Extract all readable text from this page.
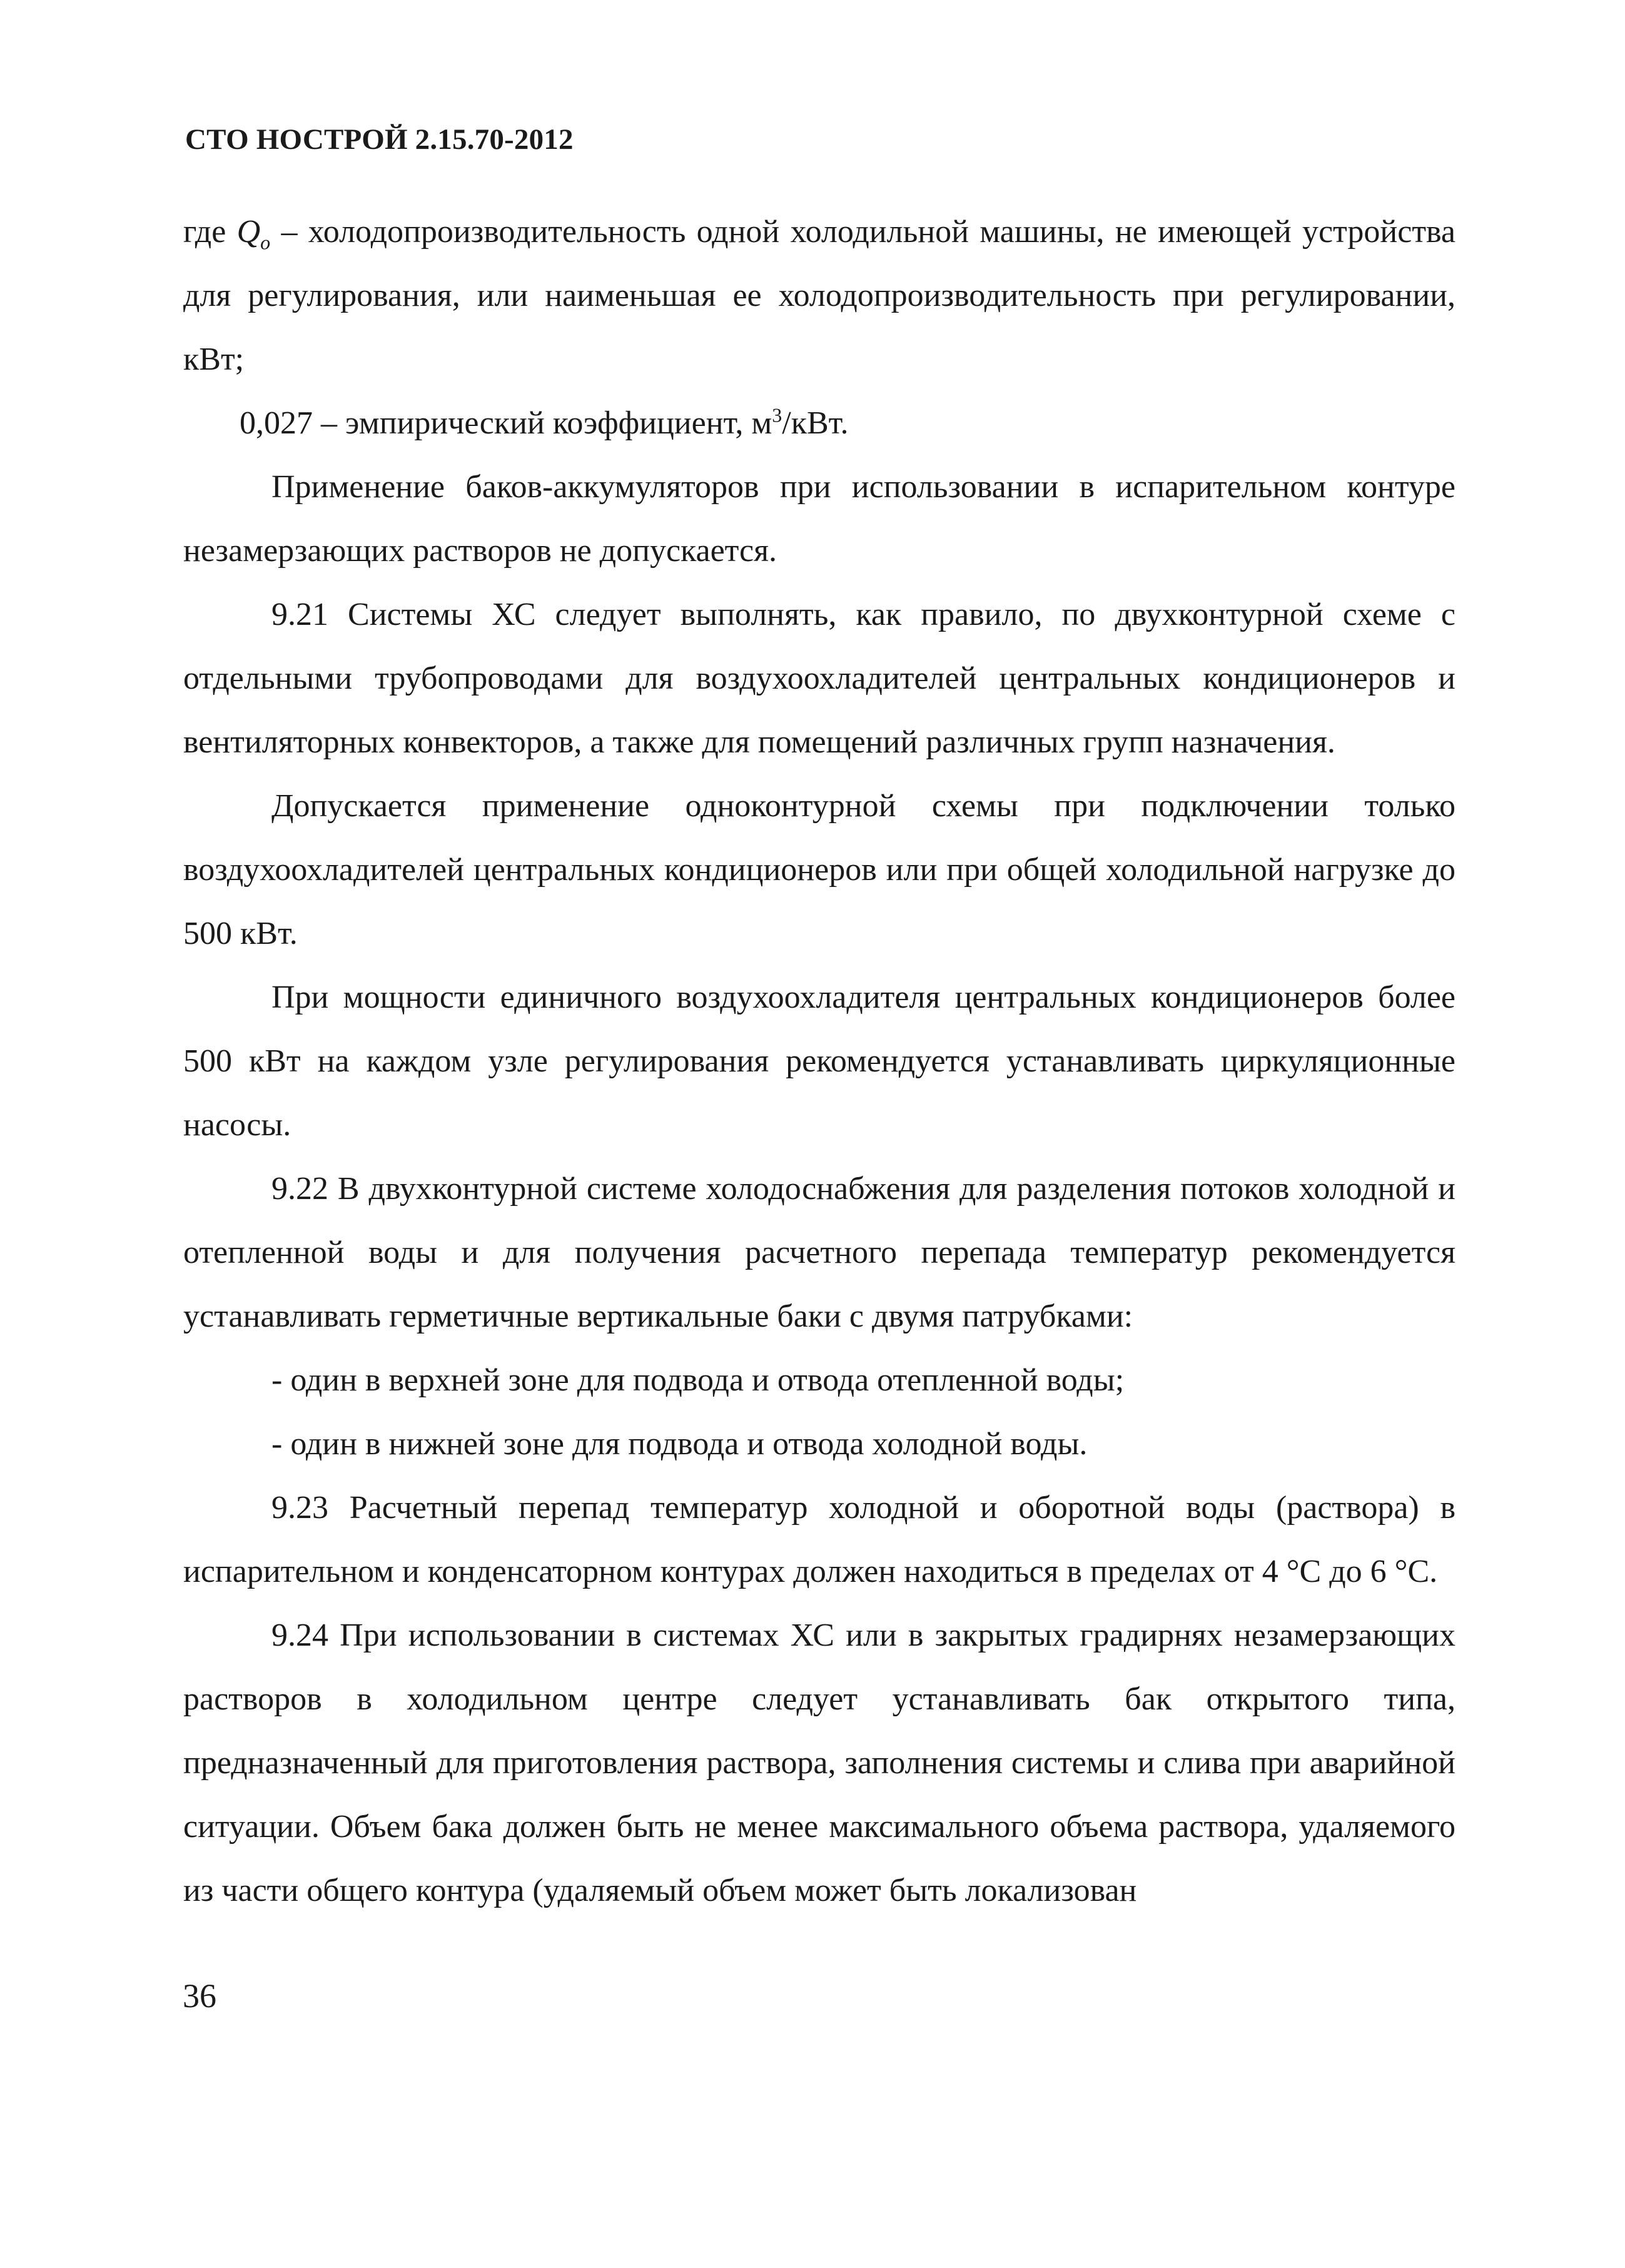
СТО НОСТРОЙ 2.15.70-2012

где $Q_o$ – холодопроизводительность одной холодильной машины, не имеющей устройства для регулирования, или наименьшая ее холодопроизводительность при регулировании, кВт;

0,027 – эмпирический коэффициент, $м^3$/кВт.

Применение баков-аккумуляторов при использовании в испарительном контуре незамерзающих растворов не допускается.

9.21 Системы ХС следует выполнять, как правило, по двухконтурной схеме с отдельными трубопроводами для воздухоохладителей центральных кондиционеров и вентиляторных конвекторов, а также для помещений различных групп назначения.

Допускается применение одноконтурной схемы при подключении только воздухоохладителей центральных кондиционеров или при общей холодильной нагрузке до 500 кВт.

При мощности единичного воздухоохладителя центральных кондиционеров более 500 кВт на каждом узле регулирования рекомендуется устанавливать циркуляционные насосы.

9.22 В двухконтурной системе холодоснабжения для разделения потоков холодной и отепленной воды и для получения расчетного перепада температур рекомендуется устанавливать герметичные вертикальные баки с двумя патрубками:

- один в верхней зоне для подвода и отвода отепленной воды;

- один в нижней зоне для подвода и отвода холодной воды.

9.23 Расчетный перепад температур холодной и оборотной воды (раствора) в испарительном и конденсаторном контурах должен находиться в пределах от 4 °С до 6 °С.

9.24 При использовании в системах ХС или в закрытых градирнях незамерзающих растворов в холодильном центре следует устанавливать бак открытого типа, предназначенный для приготовления раствора, заполнения системы и слива при аварийной ситуации. Объем бака должен быть не менее максимального объема раствора, удаляемого из части общего контура (удаляемый объем может быть локализован

36
